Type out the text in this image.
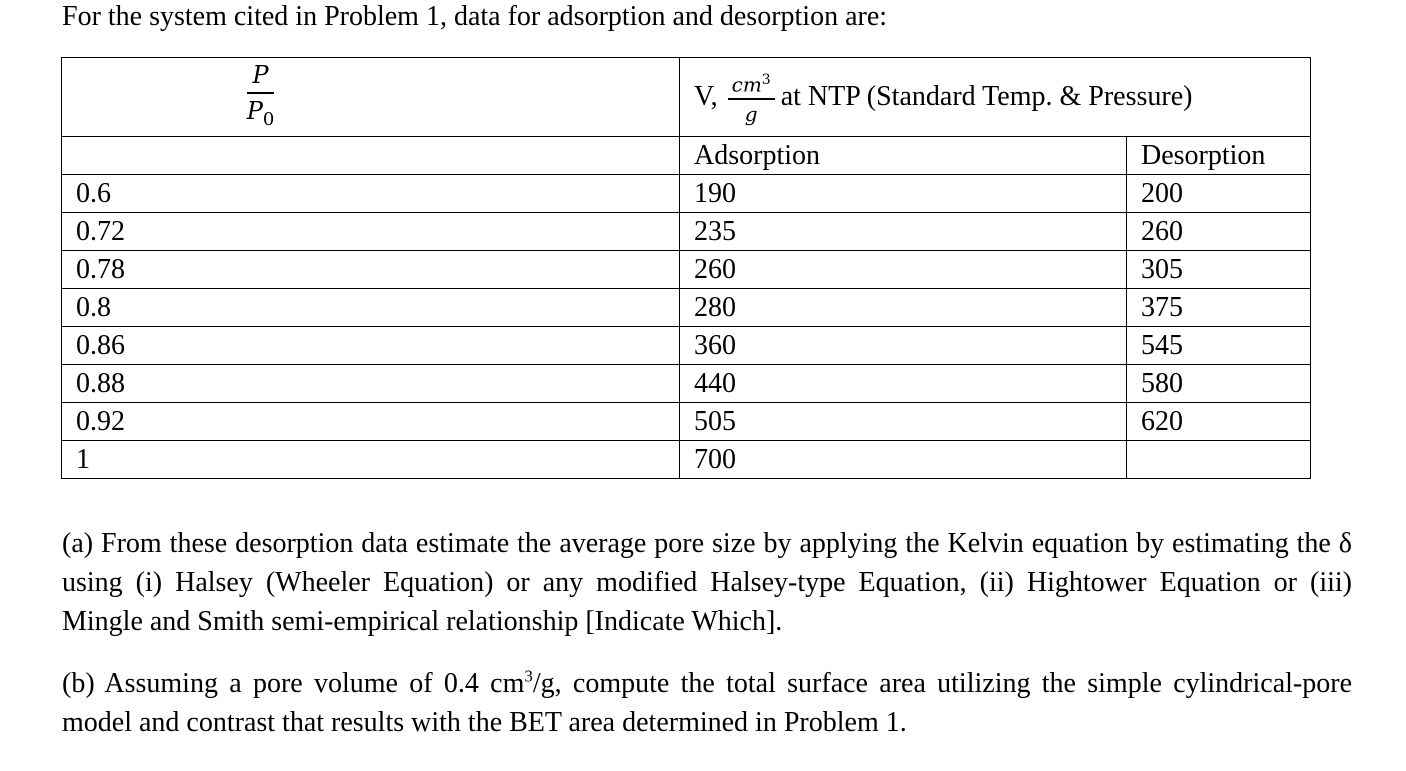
For the system cited in Problem 1, data for adsorption and desorption are:
$\frac{P}{P_0}$	V, $\frac{cm^3}{g}$ at NTP (Standard Temp. & Pressure)	

	Adsorption	Desorption
0.6	190	200
0.72	235	260
0.78	260	305
0.8	280	375
0.86	360	545
0.88	440	580
0.92	505	620
1	700	
(a) From these desorption data estimate the average pore size by applying the Kelvin equation by estimating the δ using (i) Halsey (Wheeler Equation) or any modified Halsey-type Equation, (ii) Hightower Equation or (iii) Mingle and Smith semi-empirical relationship [Indicate Which].
(b) Assuming a pore volume of 0.4 $cm^3/g$, compute the total surface area utilizing the simple cylindrical-pore model and contrast that results with the BET area determined in Problem 1.
